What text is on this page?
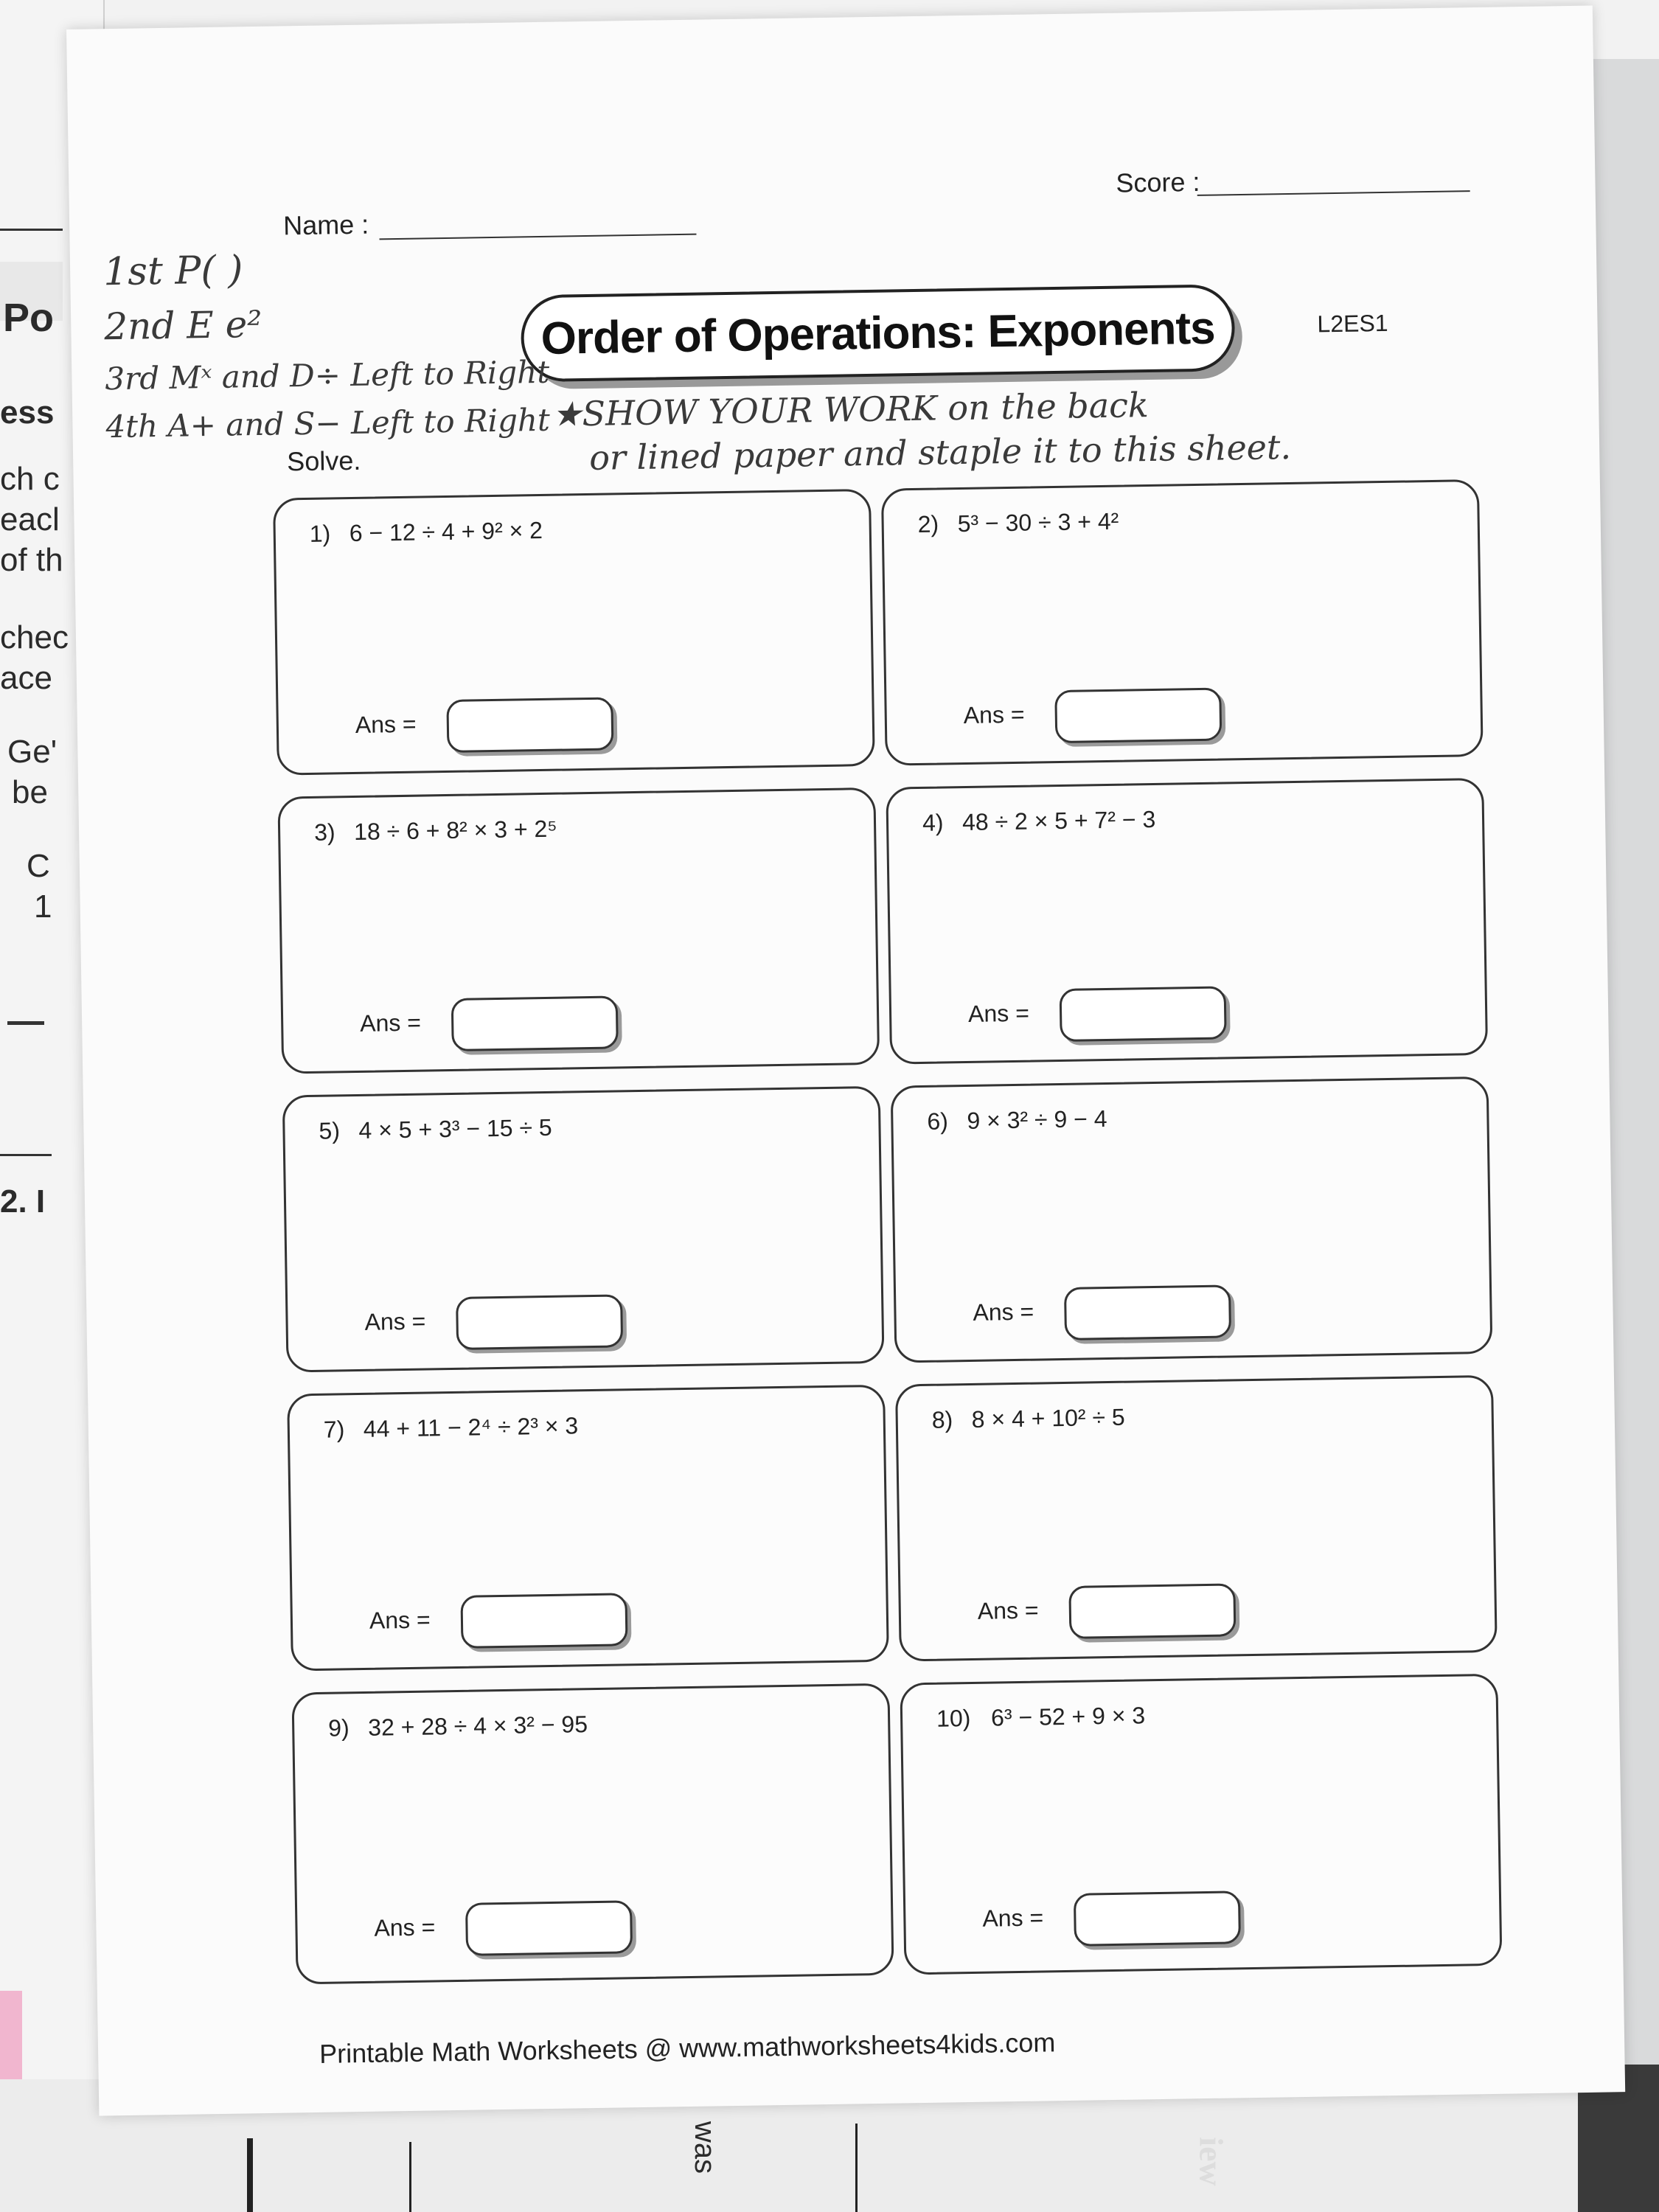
Po
ess
ch c
eacl
of th
chec
ace
Ge'
be
C
1
2. I
was	iew
Score :
Name :
Order of Operations: Exponents	L2ES1
1st P( )
2nd E e²
3rd Mˣ and D÷ Left to Right
4th A+ and S− Left to Right
Solve.
★SHOW YOUR WORK on the back
or lined paper and staple it to this sheet.
1) 6 − 12 ÷ 4 + 9² × 2
Ans =
2) 5³ − 30 ÷ 3 + 4²
Ans =
3) 18 ÷ 6 + 8² × 3 + 2⁵
Ans =
4) 48 ÷ 2 × 5 + 7² − 3
Ans =
5) 4 × 5 + 3³ − 15 ÷ 5
Ans =
6) 9 × 3² ÷ 9 − 4
Ans =
7) 44 + 11 − 2⁴ ÷ 2³ × 3
Ans =
8) 8 × 4 + 10² ÷ 5
Ans =
9) 32 + 28 ÷ 4 × 3² − 95
Ans =
10) 6³ − 52 + 9 × 3
Ans =
Printable Math Worksheets @ www.mathworksheets4kids.com
